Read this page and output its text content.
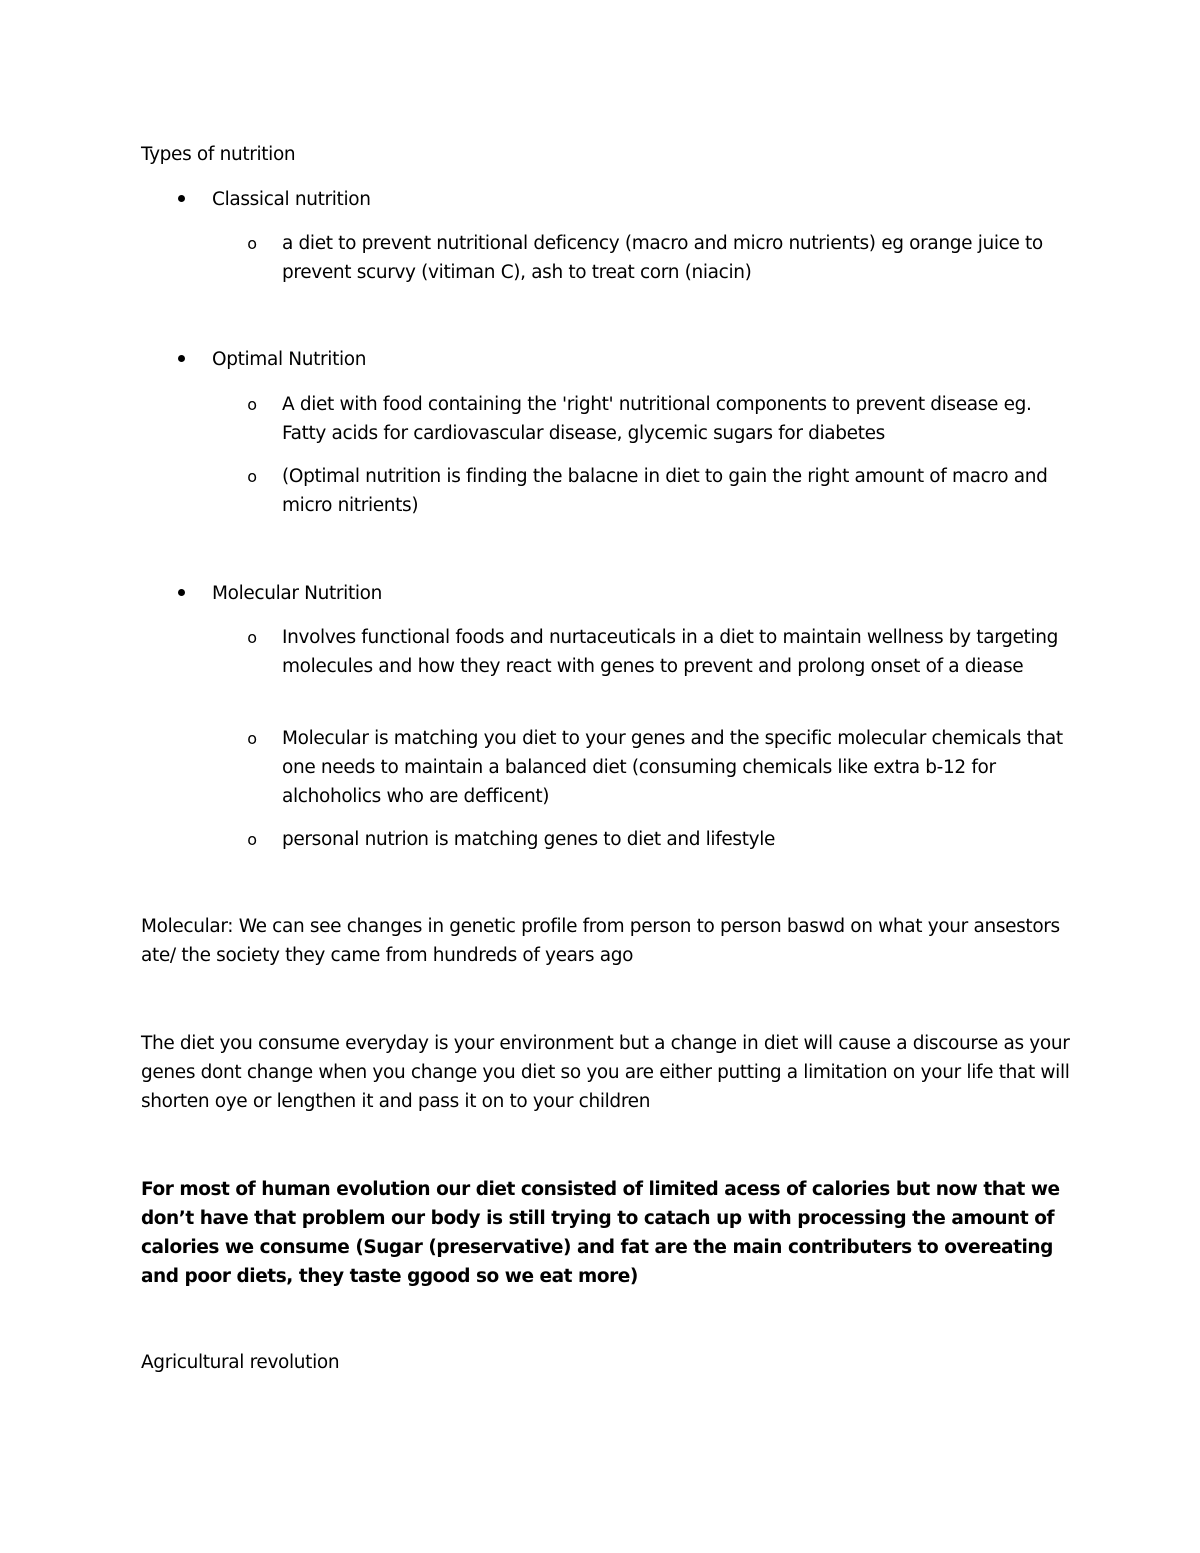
Types of nutrition

Classical nutrition
o a diet to prevent nutritional deficency (macro and micro nutrients) eg orange juice to prevent scurvy (vitiman C), ash to treat corn (niacin)
Optimal Nutrition
o A diet with food containing the 'right' nutritional components to prevent disease eg. Fatty acids for cardiovascular disease, glycemic sugars for diabetes
o (Optimal nutrition is finding the balacne in diet to gain the right amount of macro and micro nitrients)
Molecular Nutrition
o Involves functional foods and nurtaceuticals in a diet to maintain wellness by targeting molecules and how they react with genes to prevent and prolong onset of a diease
o Molecular is matching you diet to your genes and the specific molecular chemicals that one needs to maintain a balanced diet (consuming chemicals like extra b-12 for alchoholics who are defficent)
o personal nutrion is matching genes to diet and lifestyle

Molecular: We can see changes in genetic profile from person to person baswd on what your ansestors ate/ the society they came from hundreds of years ago

The diet you consume everyday is your environment but a change in diet will cause a discourse as your genes dont change when you change you diet so you are either putting a limitation on your life that will shorten oye or lengthen it and pass it on to your children

For most of human evolution our diet consisted of limited acess of calories but now that we don’t have that problem our body is still trying to catach up with processing the amount of calories we consume (Sugar (preservative) and fat are the main contributers to overeating and poor diets, they taste ggood so we eat more)

Agricultural revolution
